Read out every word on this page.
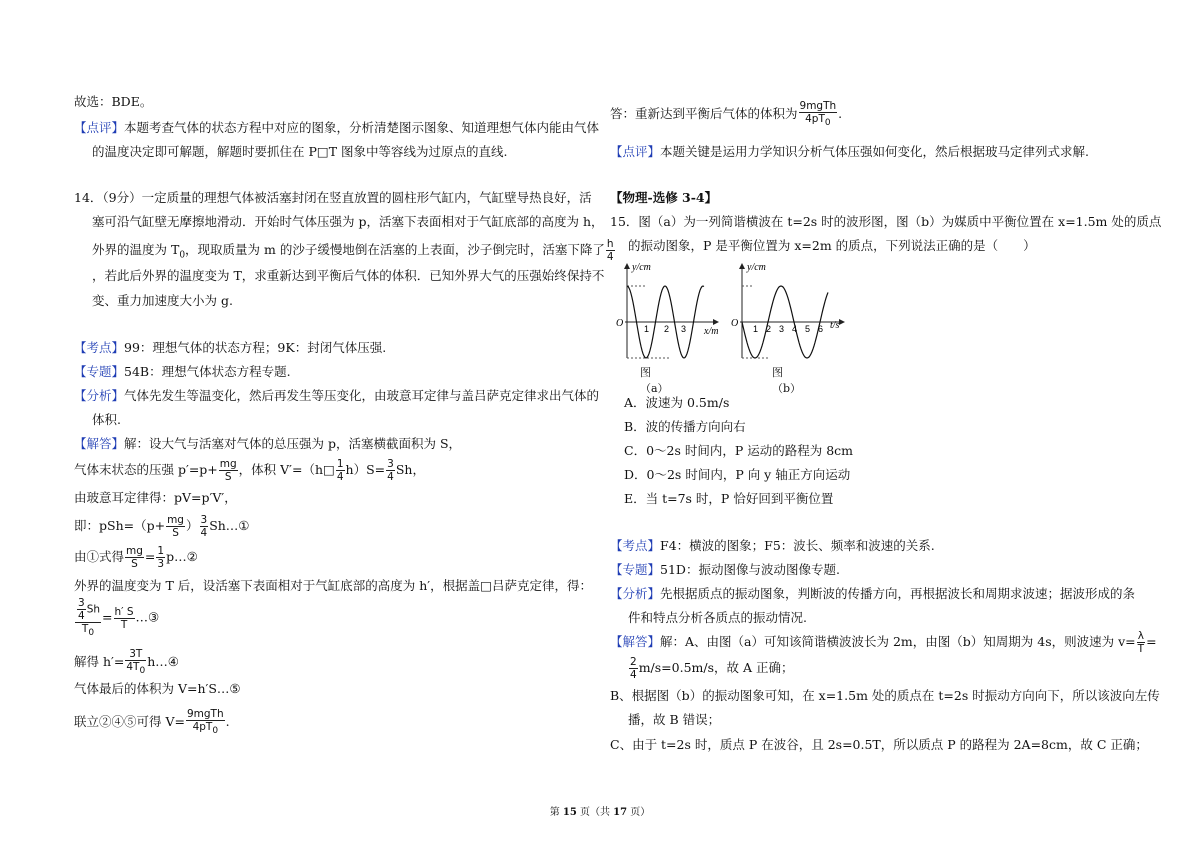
故选：BDE。
【点评】本题考查气体的状态方程中对应的图象，分析清楚图示图象、知道理想气体内能由气体
的温度决定即可解题，解题时要抓住在 P□T 图象中等容线为过原点的直线.
14．（9分）一定质量的理想气体被活塞封闭在竖直放置的圆柱形气缸内，气缸壁导热良好，活
塞可沿气缸壁无摩擦地滑动．开始时气体压强为 p，活塞下表面相对于气缸底部的高度为 h，
外界的温度为 $T_0$，现取质量为 m 的沙子缓慢地倒在活塞的上表面，沙子倒完时，活塞下降了 $\frac{h}{4}$
，若此后外界的温度变为 T，求重新达到平衡后气体的体积．已知外界大气的压强始终保持不
变、重力加速度大小为 g.
【考点】99：理想气体的状态方程；9K：封闭气体压强.
【专题】54B：理想气体状态方程专题.
【分析】气体先发生等温变化，然后再发生等压变化，由玻意耳定律与盖吕萨克定律求出气体的
体积.
【解答】解：设大气与活塞对气体的总压强为 p，活塞横截面积为 S，
气体末状态的压强 $p'=p+ \frac{mg}{S}$ ，体积 V′=（h□ $\frac{1}{4} h)S= \frac{3}{4}$ Sh，
由玻意耳定律得：pV=p′V′，
即：$pSh=(p+ \frac{mg}{S}$ ） $\frac{3}{4}$ Sh…①
由①式得 $\frac{mg}{S} = \frac{1}{3}$ p…②
外界的温度变为 T 后，设活塞下表面相对于气缸底部的高度为 h′，根据盖□吕萨克定律，得：
$\frac{\frac{3}{4} Sh}{T_0} = \frac{h' S}{T}$ …③
解得 $h'= \frac{3T}{4T_0}$ h…④
气体最后的体积为 V=h′S…⑤
联立②④⑤可得 $V= \frac{\text{9mgTh}}{4pT_0}$ .
答：重新达到平衡后气体的体积为 $\frac{\text{9mgTh}}{4pT_0}$ .
【点评】本题关键是运用力学知识分析气体压强如何变化，然后根据玻马定律列式求解.
【物理-选修 3-4】
15．图（a）为一列简谐横波在 t=2s 时的波形图，图（b）为媒质中平衡位置在 x=1.5m 处的质点
的振动图象，P 是平衡位置为 x=2m 的质点，下列说法正确的是（　　）
A．波速为 0.5m/s
B．波的传播方向向右
C．0～2s 时间内，P 运动的路程为 8cm
D．0～2s 时间内，P 向 y 轴正方向运动
E．当 t=7s 时，P 恰好回到平衡位置
【考点】F4：横波的图象；F5：波长、频率和波速的关系.
【专题】51D：振动图像与波动图像专题.
【分析】先根据质点的振动图象，判断波的传播方向，再根据波长和周期求波速；据波形成的条
件和特点分析各质点的振动情况.
【解答】解：A、由图（a）可知该简谐横波波长为 2m，由图（b）知周期为 4s，则波速为 $v= \frac{\lambda}{T}$ =
$\frac{2}{4} m/s=0.5m/s$，故 A 正确；
B、根据图（b）的振动图象可知，在 x=1.5m 处的质点在 t=2s 时振动方向向下，所以该波向左传
播，故 B 错误；
C、由于 t=2s 时，质点 P 在波谷，且 2s=0.5T，所以质点 P 的路程为 2A=8cm，故 C 正确；
O
y/cm
x/m
1 2 3	O
y/cm
t/s
1 2 3 4 5 6
图（a）
图（b）
第 15 页（共 17 页）
